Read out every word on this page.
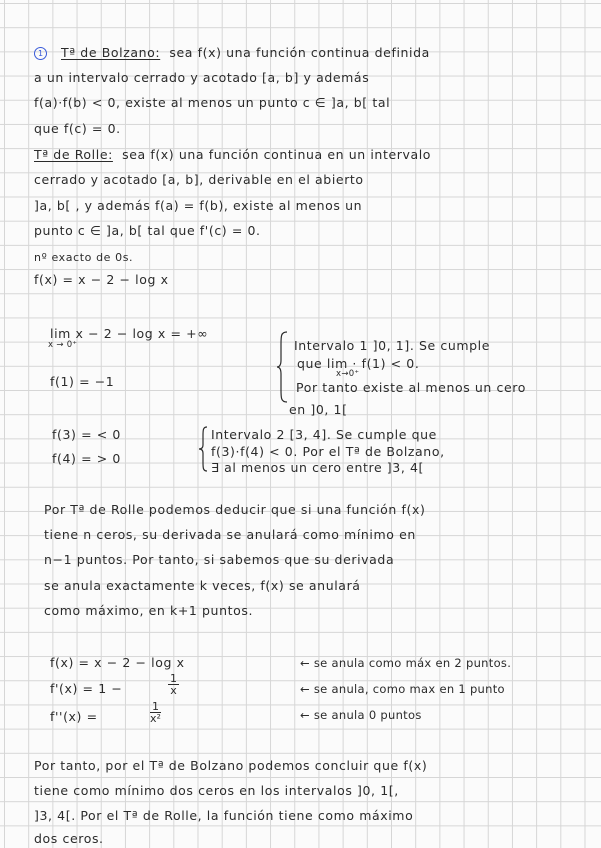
1 Tª de Bolzano: sea f(x) una función continua definida
a un intervalo cerrado y acotado [a, b] y además
f(a)·f(b) < 0, existe al menos un punto c ∈ ]a, b[ tal
que f(c) = 0.
Tª de Rolle: sea f(x) una función continua en un intervalo
cerrado y acotado [a, b], derivable en el abierto
]a, b[ , y además f(a) = f(b), existe al menos un
punto c ∈ ]a, b[ tal que f'(c) = 0.
nº exacto de 0s.
f(x) = x − 2 − log x
lim x − 2 − log x = +∞
x → 0⁺
f(1) = −1
Intervalo 1 ]0, 1]. Se cumple
que lim · f(1) < 0.
x→0⁺
Por tanto existe al menos un cero
en ]0, 1[
f(3) = < 0
f(4) = > 0
Intervalo 2 [3, 4]. Se cumple que
f(3)·f(4) < 0. Por el Tª de Bolzano,
∃ al menos un cero entre ]3, 4[
Por Tª de Rolle podemos deducir que si una función f(x)
tiene n ceros, su derivada se anulará como mínimo en
n−1 puntos. Por tanto, si sabemos que su derivada
se anula exactamente k veces, f(x) se anulará
como máximo, en k+1 puntos.
f(x) = x − 2 − log x
f'(x) = 1 −	$\frac{1}{x}$
f''(x) =	$\frac{1}{\text{x²}}$
← se anula como máx en 2 puntos.
← se anula, como max en 1 punto
← se anula 0 puntos
Por tanto, por el Tª de Bolzano podemos concluir que f(x)
tiene como mínimo dos ceros en los intervalos ]0, 1[,
]3, 4[. Por el Tª de Rolle, la función tiene como máximo
dos ceros.
